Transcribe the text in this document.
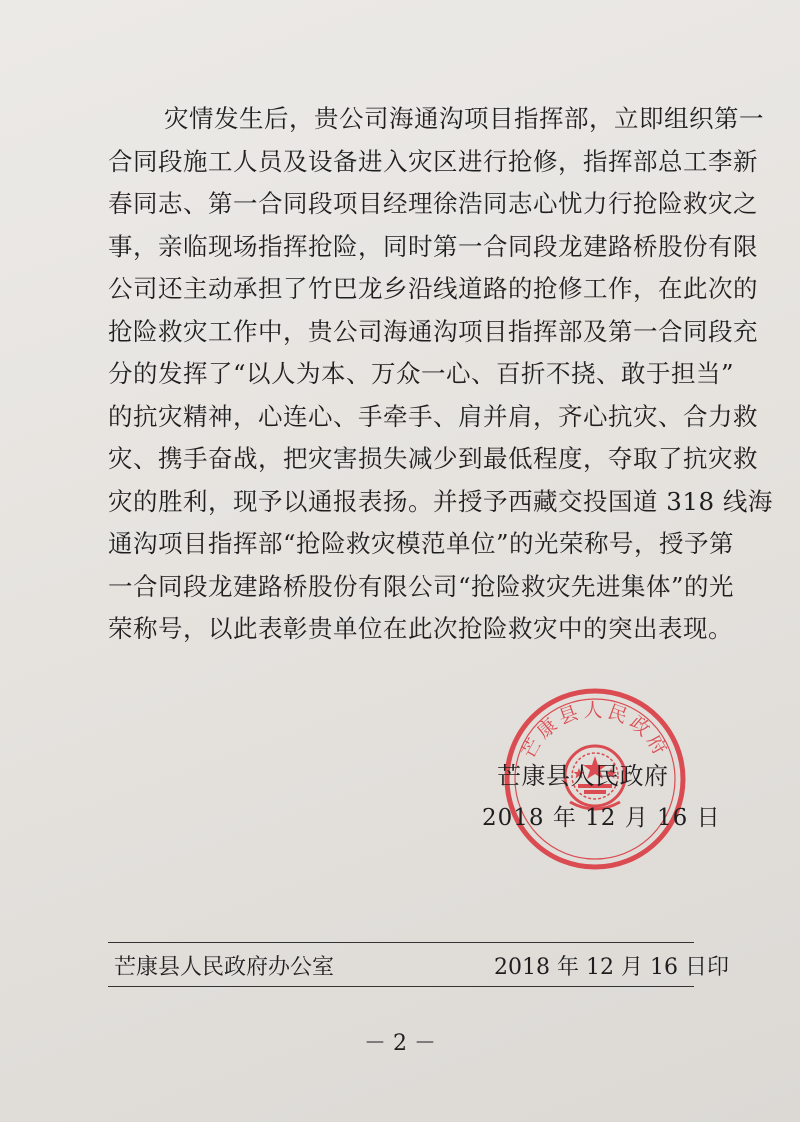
灾情发生后，贵公司海通沟项目指挥部，立即组织第一
合同段施工人员及设备进入灾区进行抢修，指挥部总工李新
春同志、第一合同段项目经理徐浩同志心忧力行抢险救灾之
事，亲临现场指挥抢险，同时第一合同段龙建路桥股份有限
公司还主动承担了竹巴龙乡沿线道路的抢修工作，在此次的
抢险救灾工作中，贵公司海通沟项目指挥部及第一合同段充
分的发挥了“以人为本、万众一心、百折不挠、敢于担当”
的抗灾精神，心连心、手牵手、肩并肩，齐心抗灾、合力救
灾、携手奋战，把灾害损失减少到最低程度，夺取了抗灾救
灾的胜利，现予以通报表扬。并授予西藏交投国道 318 线海
通沟项目指挥部“抢险救灾模范单位”的光荣称号，授予第
一合同段龙建路桥股份有限公司“抢险救灾先进集体”的光
荣称号，以此表彰贵单位在此次抢险救灾中的突出表现。
芒康县人民政府
芒康县人民政府
2018 年 12 月 16 日
芒康县人民政府办公室	2018 年 12 月 16 日印
－ 2 －
